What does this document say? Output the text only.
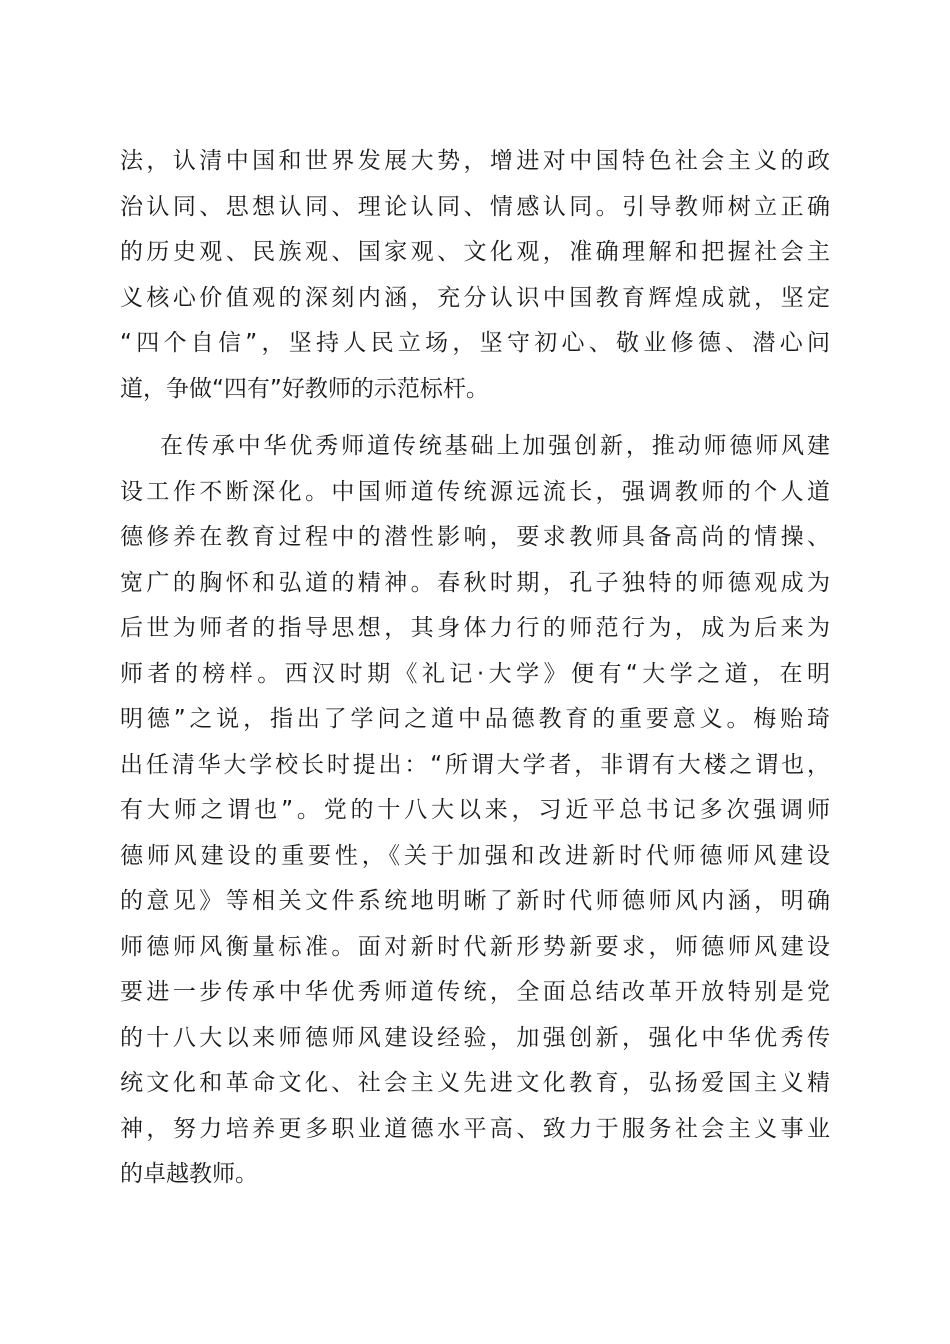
法，认清中国和世界发展大势，增进对中国特色社会主义的政
治认同、思想认同、理论认同、情感认同。引导教师树立正确
的历史观、民族观、国家观、文化观，准确理解和把握社会主
义核心价值观的深刻内涵，充分认识中国教育辉煌成就，坚定
“四个自信”，坚持人民立场，坚守初心、敬业修德、潜心问
道，争做“四有”好教师的示范标杆。
在传承中华优秀师道传统基础上加强创新，推动师德师风建
设工作不断深化。中国师道传统源远流长，强调教师的个人道
德修养在教育过程中的潜性影响，要求教师具备高尚的情操、
宽广的胸怀和弘道的精神。春秋时期，孔子独特的师德观成为
后世为师者的指导思想，其身体力行的师范行为，成为后来为
师者的榜样。西汉时期《礼记·大学》便有“大学之道，在明
明德”之说，指出了学问之道中品德教育的重要意义。梅贻琦
出任清华大学校长时提出：“所谓大学者，非谓有大楼之谓也，
有大师之谓也”。党的十八大以来，习近平总书记多次强调师
德师风建设的重要性，《关于加强和改进新时代师德师风建设
的意见》等相关文件系统地明晰了新时代师德师风内涵，明确
师德师风衡量标准。面对新时代新形势新要求，师德师风建设
要进一步传承中华优秀师道传统，全面总结改革开放特别是党
的十八大以来师德师风建设经验，加强创新，强化中华优秀传
统文化和革命文化、社会主义先进文化教育，弘扬爱国主义精
神，努力培养更多职业道德水平高、致力于服务社会主义事业
的卓越教师。
